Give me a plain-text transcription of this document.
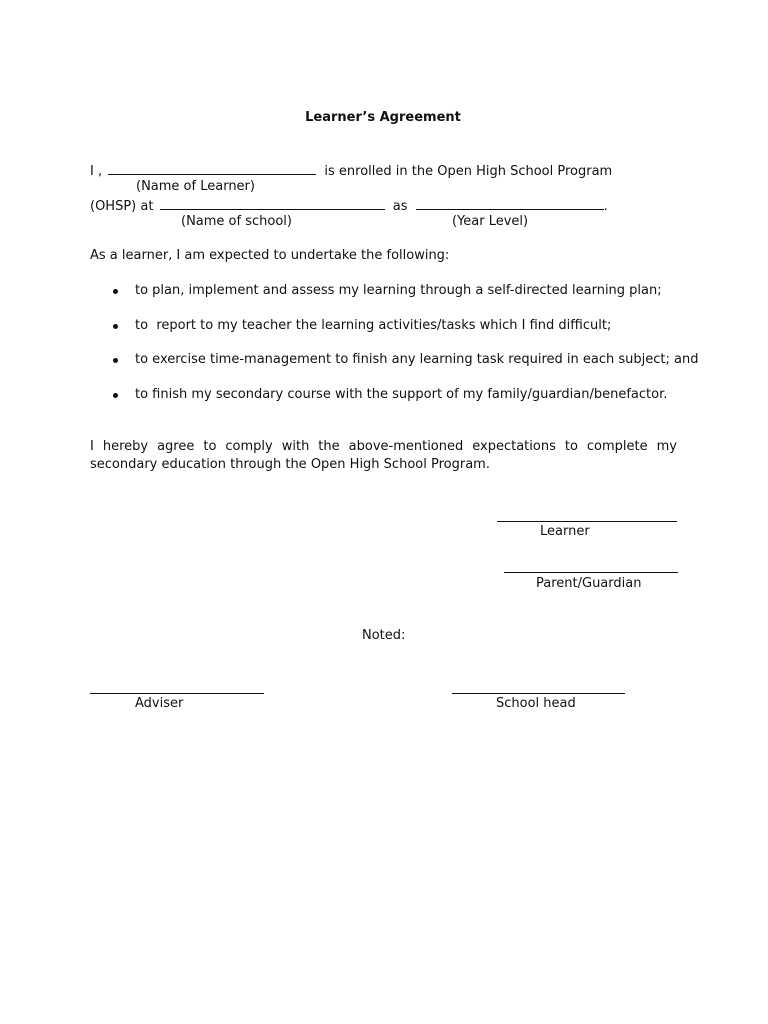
Learner’s Agreement
I ,	is enrolled in the Open High School Program
(Name of Learner)
(OHSP) at	as	.
(Name of school)	(Year Level)
As a learner, I am expected to undertake the following:
to plan, implement and assess my learning through a self-directed learning plan;
to  report to my teacher the learning activities/tasks which I find difficult;
to exercise time-management to finish any learning task required in each subject; and
to finish my secondary course with the support of my family/guardian/benefactor.
I hereby agree to comply with the above-mentioned expectations to complete my secondary education through the Open High School Program.
Learner
Parent/Guardian
Noted:
Adviser	School head
